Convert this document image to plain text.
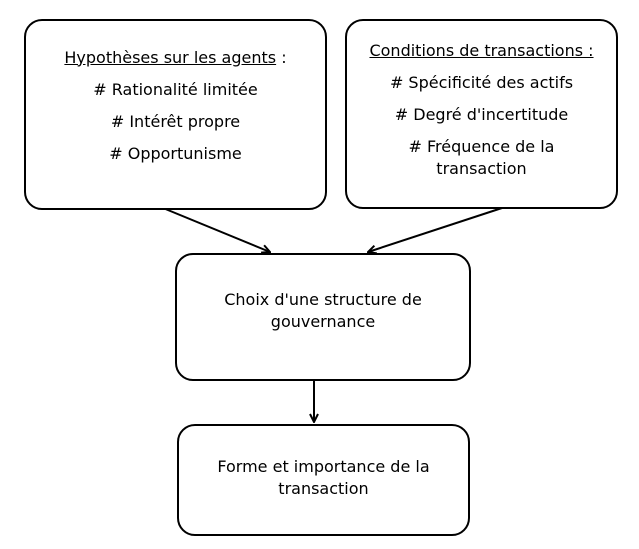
Hypothèses sur les agents :
# Rationalité limitée
# Intérêt propre
# Opportunisme
Conditions de transactions :
# Spécificité des actifs
# Degré d'incertitude
# Fréquence de la
transaction
Choix d'une structure de
gouvernance
Forme et importance de la
transaction
